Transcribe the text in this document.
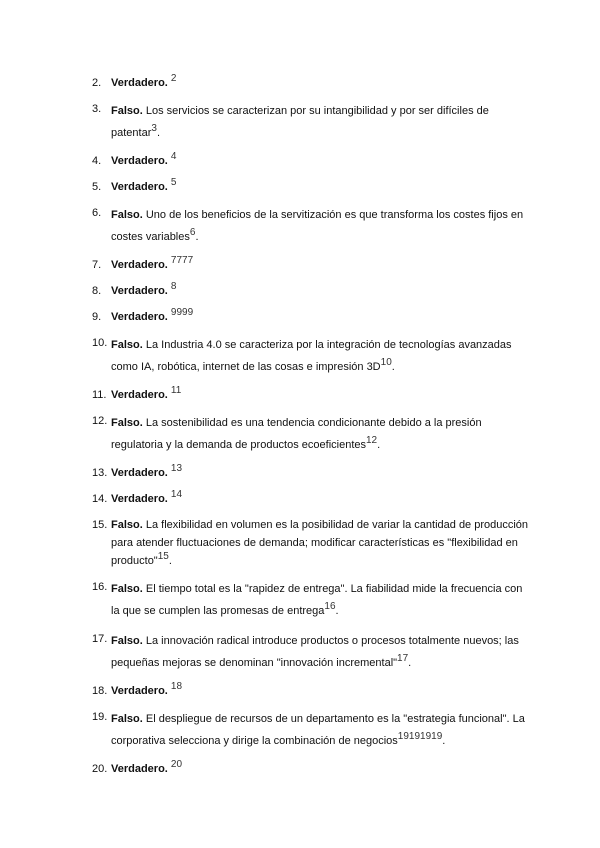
2. Verdadero. $^2$
3. Falso. Los servicios se caracterizan por su intangibilidad y por ser difíciles de patentar$^3$.
4. Verdadero. $^4$
5. Verdadero. $^5$
6. Falso. Uno de los beneficios de la servitización es que transforma los costes fijos en costes variables$^6$.
7. Verdadero. $^{7777}$
8. Verdadero. $^8$
9. Verdadero. $^{9999}$
10. Falso. La Industria 4.0 se caracteriza por la integración de tecnologías avanzadas como IA, robótica, internet de las cosas e impresión 3D$^{10}$.
11. Verdadero. $^{11}$
12. Falso. La sostenibilidad es una tendencia condicionante debido a la presión regulatoria y la demanda de productos ecoeficientes$^{12}$.
13. Verdadero. $^{13}$
14. Verdadero. $^{14}$
15. Falso. La flexibilidad en volumen es la posibilidad de variar la cantidad de producción para atender fluctuaciones de demanda; modificar características es "flexibilidad en producto"$^{15}$.
16. Falso. El tiempo total es la "rapidez de entrega". La fiabilidad mide la frecuencia con la que se cumplen las promesas de entrega$^{16}$.
17. Falso. La innovación radical introduce productos o procesos totalmente nuevos; las pequeñas mejoras se denominan "innovación incremental"$^{17}$.
18. Verdadero. $^{18}$
19. Falso. El despliegue de recursos de un departamento es la "estrategia funcional". La corporativa selecciona y dirige la combinación de negocios$^{19191919}$.
20. Verdadero. $^{20}$
